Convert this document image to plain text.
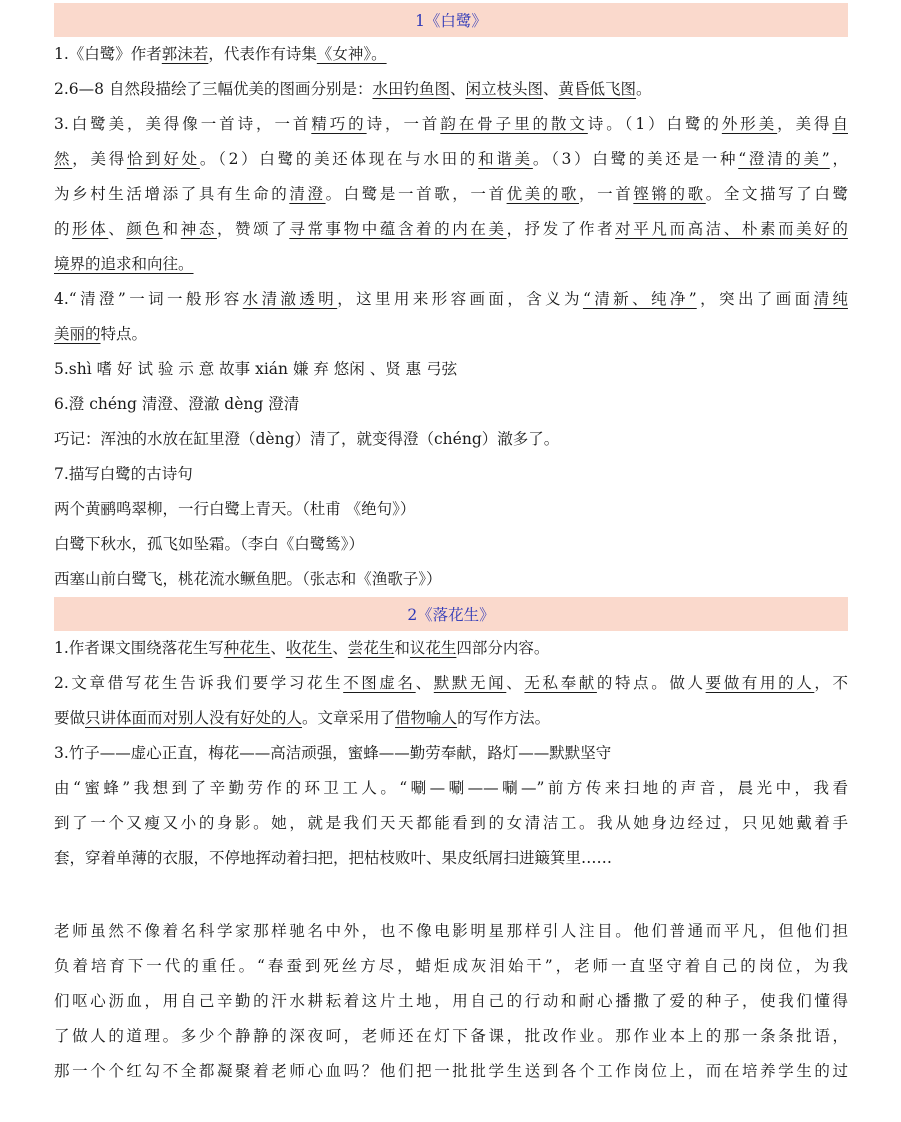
1《白鹭》
1.《白鹭》作者郭沫若，代表作有诗集《女神》。
2.6—8 自然段描绘了三幅优美的图画分别是：水田钓鱼图、闲立枝头图、黄昏低飞图。
3.白鹭美，美得像一首诗，一首精巧的诗，一首韵在骨子里的散文诗。（1）白鹭的外形美，美得自
然，美得恰到好处。（2）白鹭的美还体现在与水田的和谐美。（3）白鹭的美还是一种“澄清的美”，
为乡村生活增添了具有生命的清澄。白鹭是一首歌，一首优美的歌，一首铿锵的歌。全文描写了白鹭
的形体、颜色和神态，赞颂了寻常事物中蕴含着的内在美，抒发了作者对平凡而高洁、朴素而美好的
境界的追求和向往。
4.“清澄”一词一般形容水清澈透明，这里用来形容画面，含义为“清新、纯净”，突出了画面清纯
美丽的特点。
5.shì 嗜 好 试 验 示 意 故事 xián 嫌 弃 悠闲 、贤 惠 弓弦
6.澄 chéng 清澄、澄澈 dèng 澄清
巧记：浑浊的水放在缸里澄（dèng）清了，就变得澄（chéng）澈多了。
7.描写白鹭的古诗句
两个黄鹂鸣翠柳，一行白鹭上青天。（杜甫 《绝句》）
白鹭下秋水，孤飞如坠霜。（李白《白鹭鸶》）
西塞山前白鹭飞，桃花流水鳜鱼肥。（张志和《渔歌子》）
2《落花生》
1.作者课文围绕落花生写种花生、收花生、尝花生和议花生四部分内容。
2.文章借写花生告诉我们要学习花生不图虚名、默默无闻、无私奉献的特点。做人要做有用的人，不
要做只讲体面而对别人没有好处的人。文章采用了借物喻人的写作方法。
3.竹子——虚心正直，梅花——高洁顽强，蜜蜂——勤劳奉献，路灯——默默坚守
由“蜜蜂”我想到了辛勤劳作的环卫工人。“唰—唰——唰—”前方传来扫地的声音，晨光中，我看
到了一个又瘦又小的身影。她，就是我们天天都能看到的女清洁工。我从她身边经过，只见她戴着手
套，穿着单薄的衣服，不停地挥动着扫把，把枯枝败叶、果皮纸屑扫进簸箕里……
老师虽然不像着名科学家那样驰名中外，也不像电影明星那样引人注目。他们普通而平凡，但他们担
负着培育下一代的重任。“春蚕到死丝方尽，蜡炬成灰泪始干”，老师一直坚守着自己的岗位，为我
们呕心沥血，用自己辛勤的汗水耕耘着这片土地，用自己的行动和耐心播撒了爱的种子，使我们懂得
了做人的道理。多少个静静的深夜呵，老师还在灯下备课，批改作业。那作业本上的那一条条批语，
那一个个红勾不全都凝聚着老师心血吗？他们把一批批学生送到各个工作岗位上，而在培养学生的过
